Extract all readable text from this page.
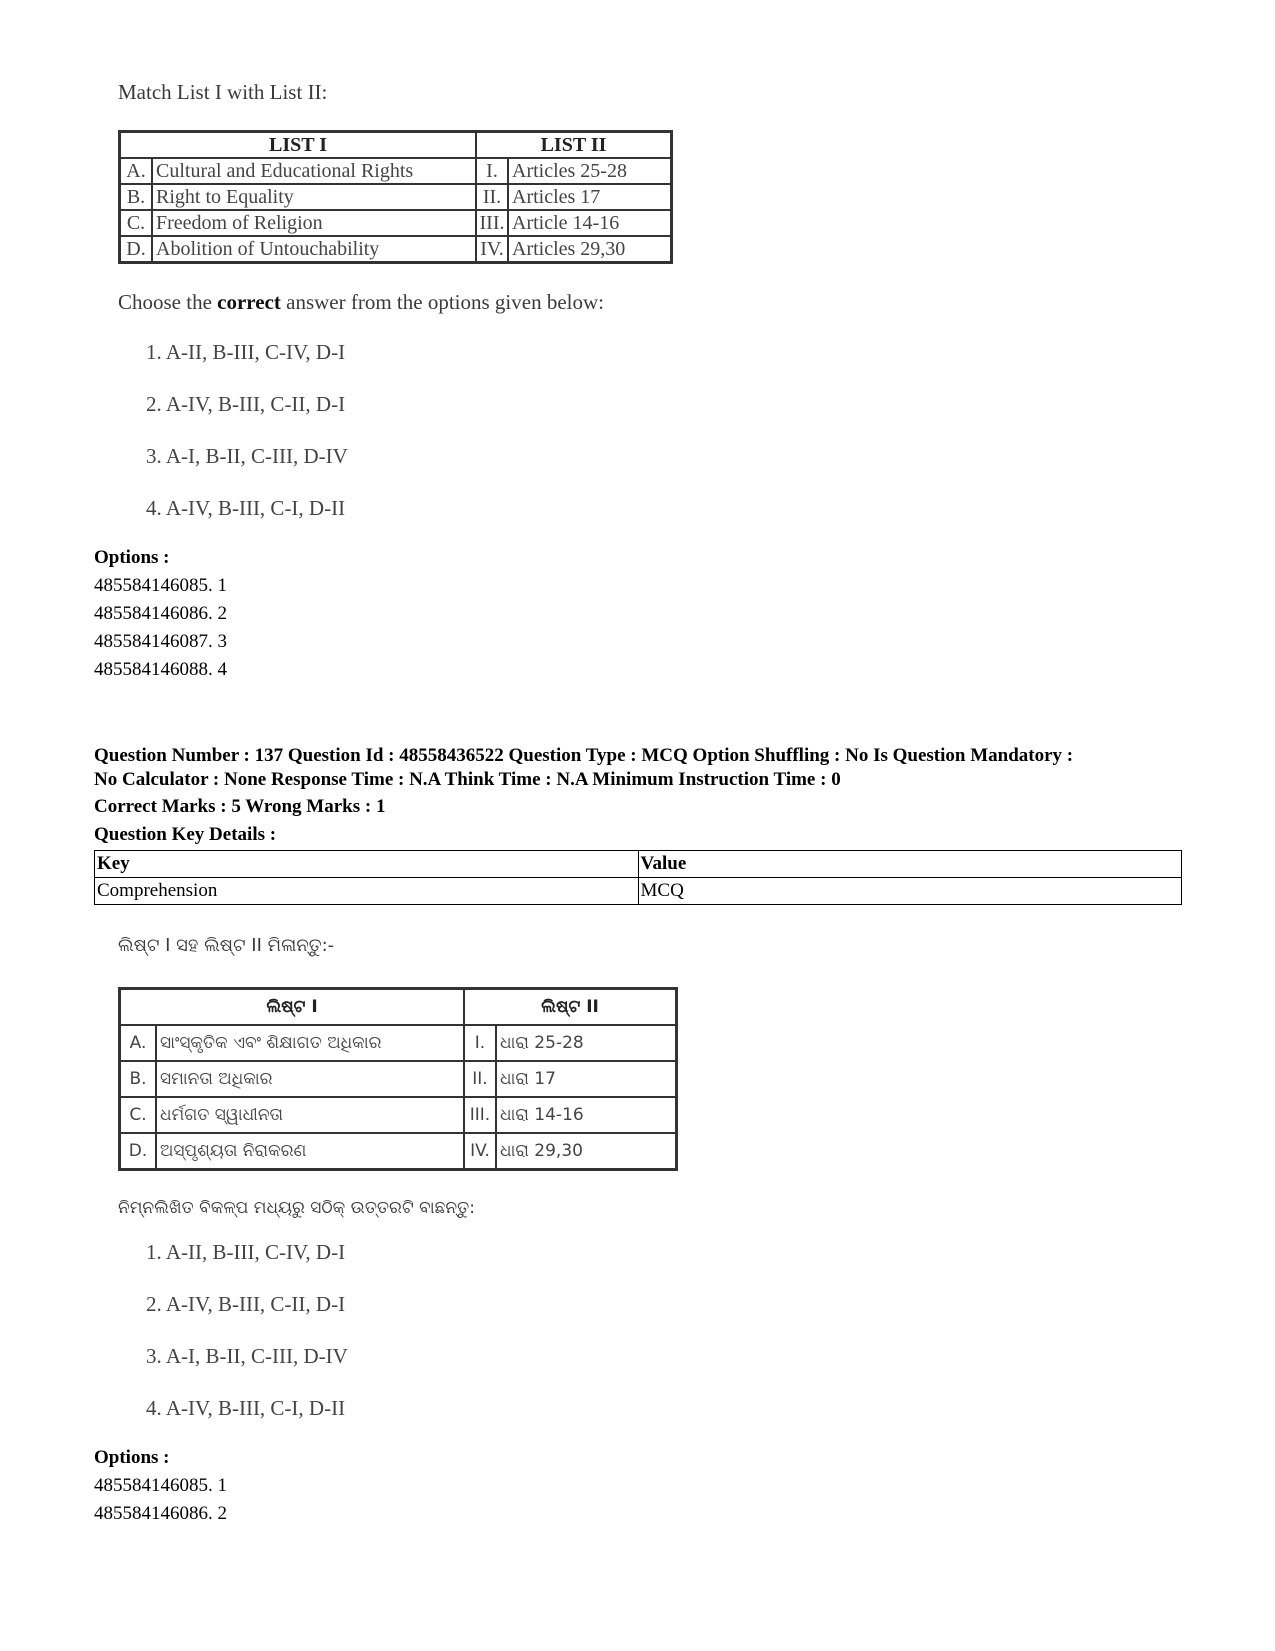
Match List I with List II:
LIST I		LIST II	
A.	Cultural and Educational Rights	I.	Articles 25-28
B.	Right to Equality	II.	Articles 17
C.	Freedom of Religion	III.	Article 14-16
D.	Abolition of Untouchability	IV.	Articles 29,30
Choose the correct answer from the options given below:
1. A-II, B-III, C-IV, D-I
2. A-IV, B-III, C-II, D-I
3. A-I, B-II, C-III, D-IV
4. A-IV, B-III, C-I, D-II
Options :
485584146085. 1
485584146086. 2
485584146087. 3
485584146088. 4
Question Number : 137 Question Id : 48558436522 Question Type : MCQ Option Shuffling : No Is Question Mandatory :
No Calculator : None Response Time : N.A Think Time : N.A Minimum Instruction Time : 0
Correct Marks : 5 Wrong Marks : 1
Question Key Details :
Key	Value
Comprehension	MCQ
ଲିଷ୍ଟ I ସହ ଲିଷ୍ଟ II ମିଳାନ୍ତୁ:-
ଲିଷ୍ଟ I		ଲିଷ୍ଟ II	
A.	ସାଂସ୍କୃତିକ ଏବଂ ଶିକ୍ଷାଗତ ଅଧିକାର	I.	ଧାରା 25-28
B.	ସମାନତା ଅଧିକାର	II.	ଧାରା 17
C.	ଧର୍ମଗତ ସ୍ୱାଧୀନତା	III.	ଧାରା 14-16
D.	ଅସ୍ପୃଶ୍ୟତା ନିରାକରଣ	IV.	ଧାରା 29,30
ନିମ୍ନଲିଖିତ ବିକଳ୍ପ ମଧ୍ୟରୁ ସଠିକ୍ ଉତ୍ତରଟି ବାଛନ୍ତୁ:
1. A-II, B-III, C-IV, D-I
2. A-IV, B-III, C-II, D-I
3. A-I, B-II, C-III, D-IV
4. A-IV, B-III, C-I, D-II
Options :
485584146085. 1
485584146086. 2
